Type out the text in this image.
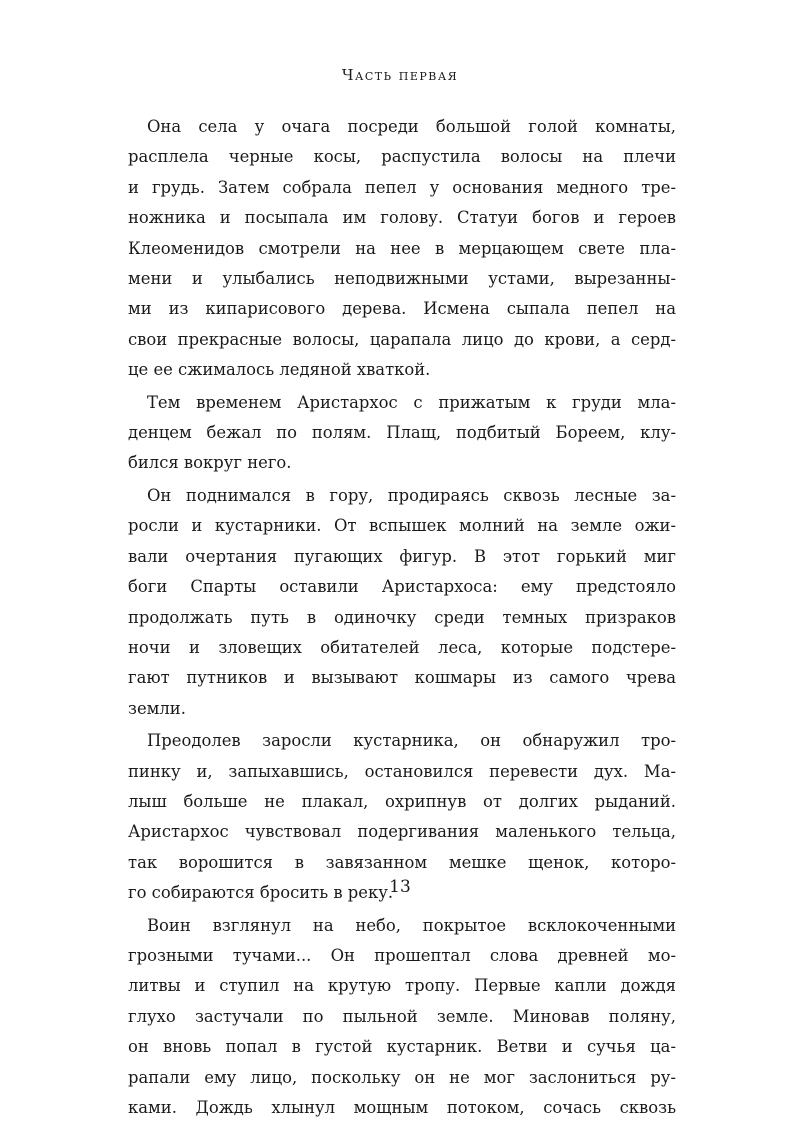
Часть первая

Она села у очага посреди большой голой комнаты,
расплела черные косы, распустила волосы на плечи
и грудь. Затем собрала пепел у основания медного тре-
ножника и посыпала им голову. Статуи богов и героев
Клеоменидов смотрели на нее в мерцающем свете пла-
мени и улыбались неподвижными устами, вырезанны-
ми из кипарисового дерева. Исмена сыпала пепел на
свои прекрасные волосы, царапала лицо до крови, а серд-
це ее сжималось ледяной хваткой.

Тем временем Аристархос с прижатым к груди мла-
денцем бежал по полям. Плащ, подбитый Бореем, клу-
бился вокруг него.

Он поднимался в гору, продираясь сквозь лесные за-
росли и кустарники. От вспышек молний на земле ожи-
вали очертания пугающих фигур. В этот горький миг
боги Спарты оставили Аристархоса: ему предстояло
продолжать путь в одиночку среди темных призраков
ночи и зловещих обитателей леса, которые подстере-
гают путников и вызывают кошмары из самого чрева
земли.

Преодолев заросли кустарника, он обнаружил тро-
пинку и, запыхавшись, остановился перевести дух. Ма-
лыш больше не плакал, охрипнув от долгих рыданий.
Аристархос чувствовал подергивания маленького тельца,
так ворошится в завязанном мешке щенок, которо-
го собираются бросить в реку.

Воин взглянул на небо, покрытое всклокоченными
грозными тучами... Он прошептал слова древней мо-
литвы и ступил на крутую тропу. Первые капли дождя
глухо застучали по пыльной земле. Миновав поляну,
он вновь попал в густой кустарник. Ветви и сучья ца-
рапали ему лицо, поскольку он не мог заслониться ру-
ками. Дождь хлынул мощным потоком, сочась сквозь

13
